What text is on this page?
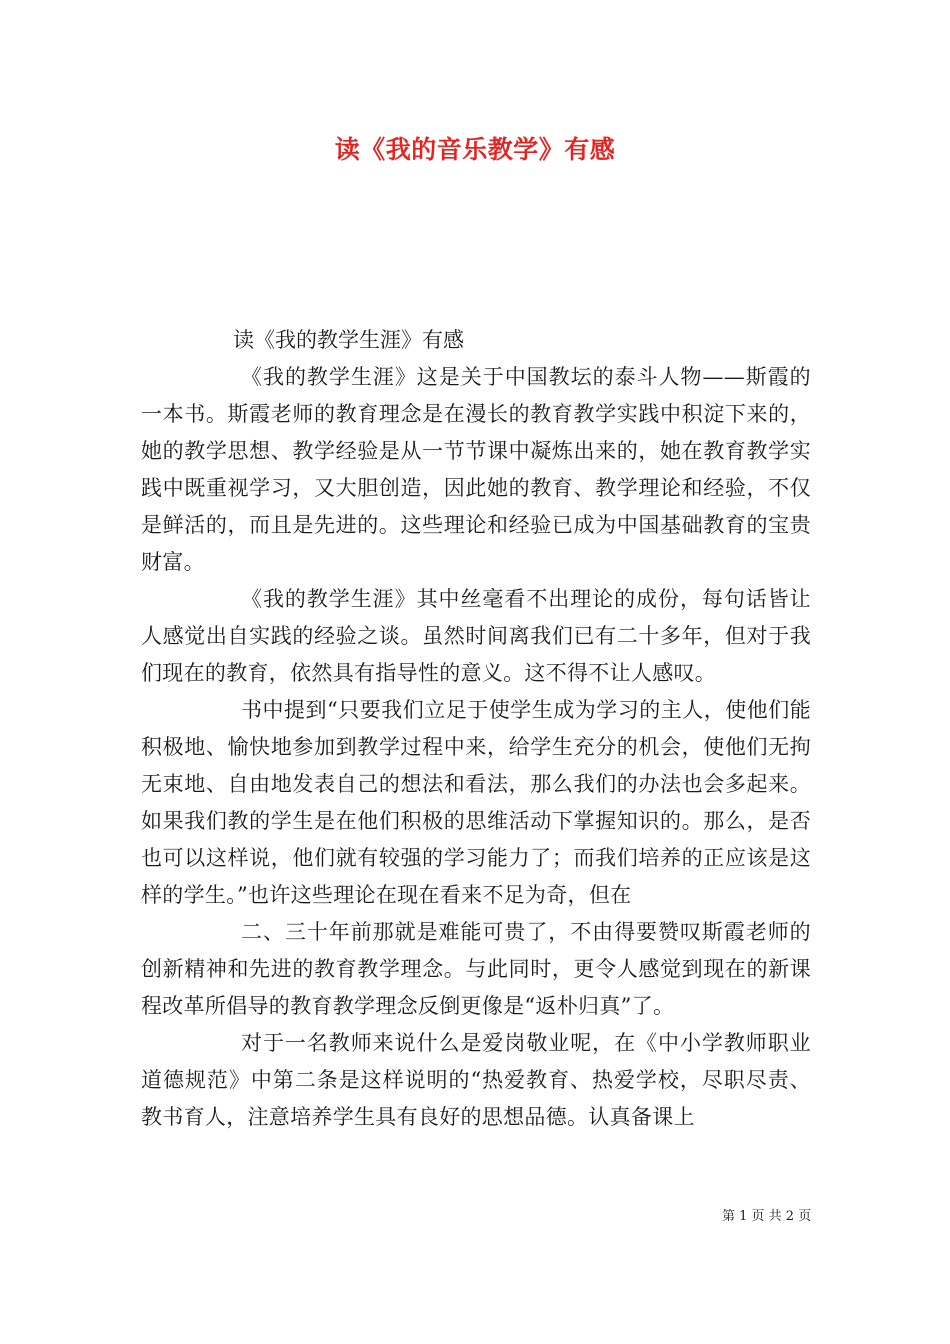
读《我的音乐教学》有感

读《我的教学生涯》有感

《我的教学生涯》这是关于中国教坛的泰斗人物——斯霞的一本书。斯霞老师的教育理念是在漫长的教育教学实践中积淀下来的，她的教学思想、教学经验是从一节节课中凝炼出来的，她在教育教学实践中既重视学习，又大胆创造，因此她的教育、教学理论和经验，不仅是鲜活的，而且是先进的。这些理论和经验已成为中国基础教育的宝贵财富。

《我的教学生涯》其中丝毫看不出理论的成份，每句话皆让人感觉出自实践的经验之谈。虽然时间离我们已有二十多年，但对于我们现在的教育，依然具有指导性的意义。这不得不让人感叹。

书中提到“只要我们立足于使学生成为学习的主人，使他们能积极地、愉快地参加到教学过程中来，给学生充分的机会，使他们无拘无束地、自由地发表自己的想法和看法，那么我们的办法也会多起来。如果我们教的学生是在他们积极的思维活动下掌握知识的。那么，是否也可以这样说，他们就有较强的学习能力了；而我们培养的正应该是这样的学生。”也许这些理论在现在看来不足为奇，但在

二、三十年前那就是难能可贵了，不由得要赞叹斯霞老师的创新精神和先进的教育教学理念。与此同时，更令人感觉到现在的新课程改革所倡导的教育教学理念反倒更像是“返朴归真”了。

对于一名教师来说什么是爱岗敬业呢，在《中小学教师职业道德规范》中第二条是这样说明的“热爱教育、热爱学校，尽职尽责、教书育人，注意培养学生具有良好的思想品德。认真备课上

第 1 页 共 2 页
